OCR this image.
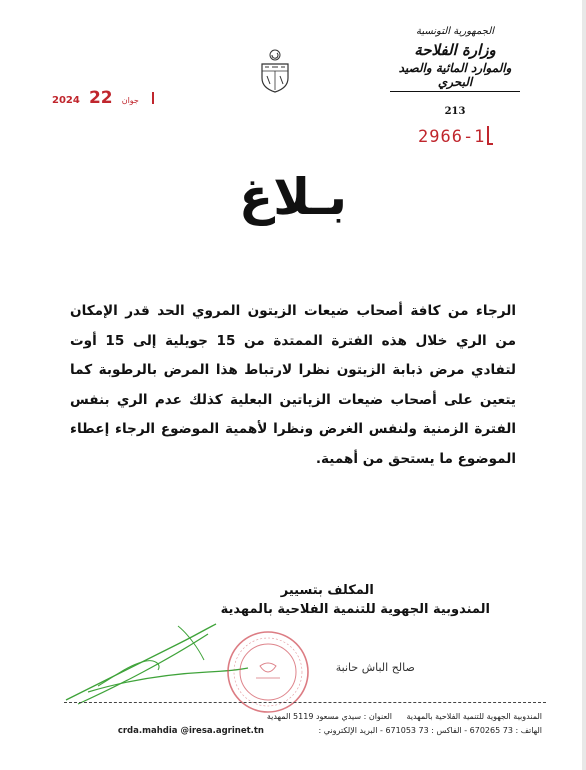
الجمهورية التونسية
وزارة الفلاحة
والموارد المائية والصيد البحري
213
2966-1
2024	جوان 22
بـلاغ
الرجاء من كافة أصحاب ضيعات الزيتون المروي الحد قدر الإمكان من الري خلال هذه الفترة الممتدة من 15 جويلية إلى 15 أوت لتفادي مرض ذبابة الزيتون نظرا لارتباط هذا المرض بالرطوبة كما يتعين على أصحاب ضيعات الزياتين البعلية كذلك عدم الري بنفس الفترة الزمنية ولنفس الغرض ونظرا لأهمية الموضوع الرجاء إعطاء الموضوع ما يستحق من أهمية.
المكلف بتسيير
المندوبية الجهوية للتنمية الفلاحية بالمهدية
صالح الباش حانبة
المندوبية الجهوية للتنمية الفلاحية بالمهدية
العنوان : سيدي مسعود 5119 المهدية
الهاتف : 73 670265 - الفاكس : 73 671053 - البريد الإلكتروني :
crda.mahdia @iresa.agrinet.tn
